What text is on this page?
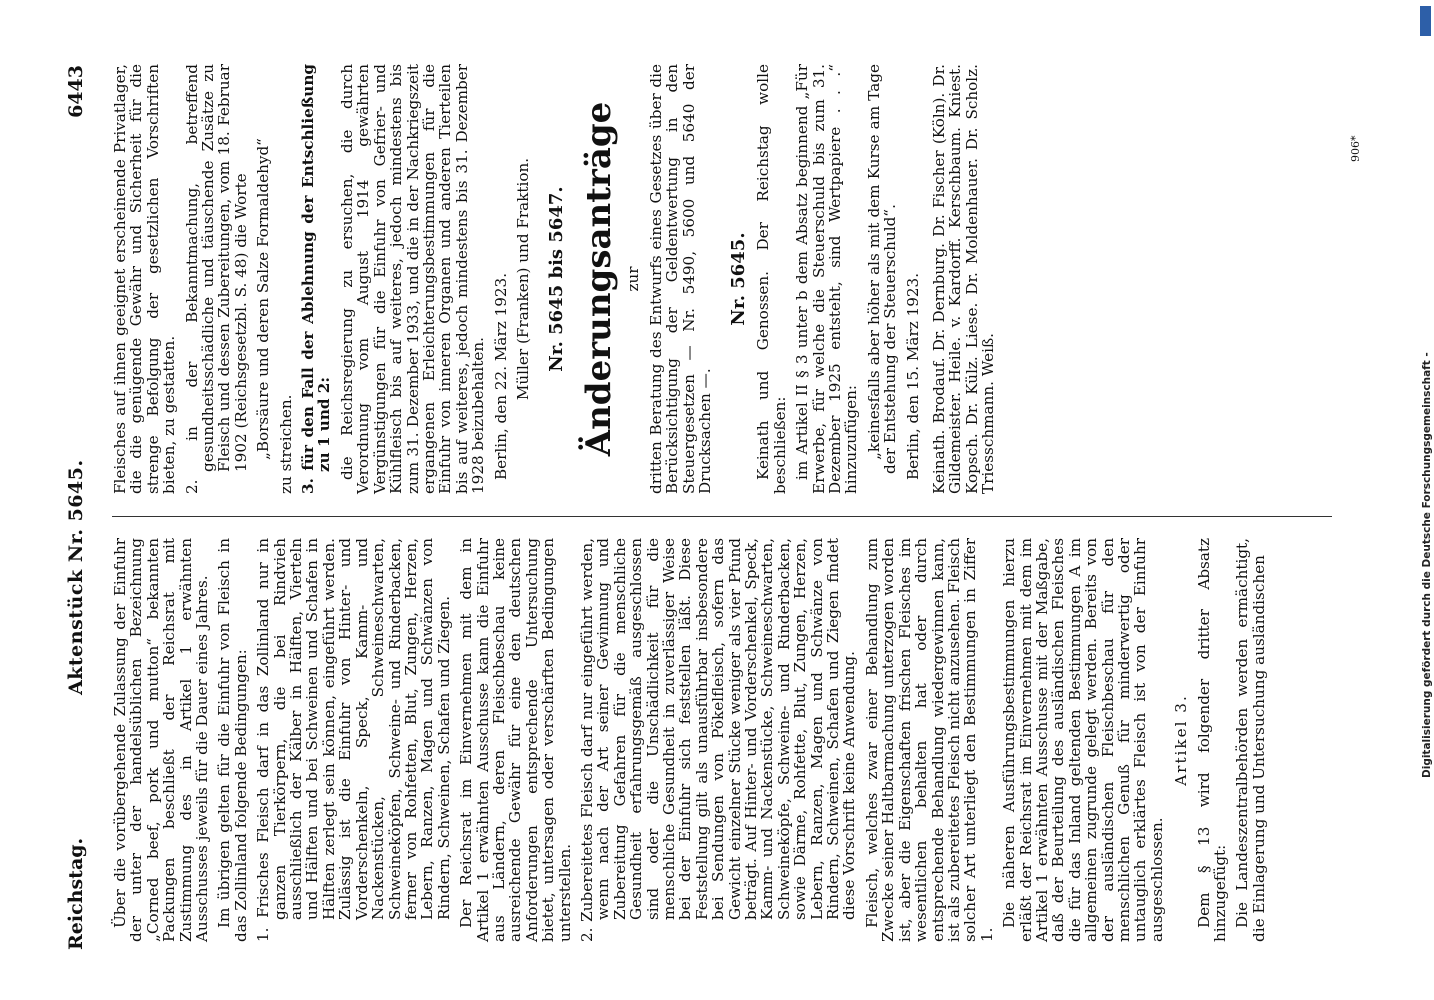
Reichstag.
Aktenstück Nr. 5645.
6443

Über die vorübergehende Zulassung der Einfuhr der unter der handelsüblichen Bezeichnung „Corned beef, pork und mutton“ bekannten Packungen beschließt der Reichsrat mit Zustimmung des in Artikel 1 erwähnten Ausschusses jeweils für die Dauer eines Jahres. Im übrigen gelten für die Einfuhr von Fleisch in das Zollinland folgende Bedingungen: 1. Frisches Fleisch darf in das Zollinland nur in ganzen Tierkörpern, die bei Rindvieh ausschließlich der Kälber in Hälften, Vierteln und Hälften und bei Schweinen und Schafen in Hälften zerlegt sein können, eingeführt werden. Zulässig ist die Einfuhr von Hinter- und Vorderschenkeln, Speck, Kamm- und Nackenstücken, Schweineschwarten, Schweineköpfen, Schweine- und Rinderbacken, ferner von Rohfetten, Blut, Zungen, Herzen, Lebern, Ranzen, Magen und Schwänzen von Rindern, Schweinen, Schafen und Ziegen. Der Reichsrat im Einvernehmen mit dem in Artikel 1 erwähnten Ausschusse kann die Einfuhr aus Ländern, deren Fleischbeschau keine ausreichende Gewähr für eine den deutschen Anforderungen entsprechende Untersuchung bietet, untersagen oder verschärften Bedingungen unterstellen. 2. Zubereitetes Fleisch darf nur eingeführt werden, wenn nach der Art seiner Gewinnung und Zubereitung Gefahren für die menschliche Gesundheit erfahrungsgemäß ausgeschlossen sind oder die Unschädlichkeit für die menschliche Gesundheit in zuverlässiger Weise bei der Einfuhr sich feststellen läßt. Diese Feststellung gilt als unausführbar insbesondere bei Sendungen von Pökelfleisch, sofern das Gewicht einzelner Stücke weniger als vier Pfund beträgt. Auf Hinter- und Vorderschenkel, Speck, Kamm- und Nackenstücke, Schweineschwarten, Schweineköpfe, Schweine- und Rinderbacken, sowie Därme, Rohfette, Blut, Zungen, Herzen, Lebern, Ranzen, Magen und Schwänze von Rindern, Schweinen, Schafen und Ziegen findet diese Vorschrift keine Anwendung. Fleisch, welches zwar einer Behandlung zum Zwecke seiner Haltbarmachung unterzogen worden ist, aber die Eigenschaften frischen Fleisches im wesentlichen behalten hat oder durch entsprechende Behandlung wiedergewinnen kann, ist als zubereitetes Fleisch nicht anzusehen. Fleisch solcher Art unterliegt den Bestimmungen in Ziffer 1.

Die näheren Ausführungsbestimmungen hierzu erläßt der Reichsrat im Einvernehmen mit dem im Artikel 1 erwähnten Ausschusse mit der Maßgabe, daß der Beurteilung des ausländischen Fleisches die für das Inland geltenden Bestimmungen A im allgemeinen zugrunde gelegt werden. Bereits von der ausländischen Fleischbeschau für den menschlichen Genuß für minderwertig oder untauglich erklärtes Fleisch ist von der Einfuhr ausgeschlossen.

Artikel 3. Dem § 13 wird folgender dritter Absatz hinzugefügt: Die Landeszentralbehörden werden ermächtigt, die Einlagerung und Untersuchung ausländischen

Fleisches auf ihnen geeignet erscheinende Privatlager, die die genügende Gewähr und Sicherheit für die strenge Befolgung der gesetzlichen Vorschriften bieten, zu gestatten. 2. in der Bekanntmachung, betreffend gesundheitsschädliche und täuschende Zusätze zu Fleisch und dessen Zubereitungen, vom 18. Februar 1902 (Reichsgesetzbl. S. 48) die Worte „Borsäure und deren Salze Formaldehyd“ zu streichen. 3. für den Fall der Ablehnung der Entschließung zu 1 und 2: die Reichsregierung zu ersuchen, die durch Verordnung vom August 1914 gewährten Vergünstigungen für die Einfuhr von Gefrier- und Kühlfleisch bis auf weiteres, jedoch mindestens bis zum 31. Dezember 1933, und die in der Nachkriegszeit ergangenen Erleichterungsbestimmungen für die Einfuhr von inneren Organen und anderen Tierteilen bis auf weiteres, jedoch mindestens bis 31. Dezember 1928 beizubehalten. Berlin, den 22. März 1923. Müller (Franken) und Fraktion. Nr. 5645 bis 5647. Änderungsanträge zur dritten Beratung des Entwurfs eines Gesetzes über die Berücksichtigung der Geldentwertung in den Steuergesetzen — Nr. 5490, 5600 und 5640 der Drucksachen —.

Nr. 5645. Keinath und Genossen. Der Reichstag wolle beschließen: im Artikel II § 3 unter b dem Absatz beginnend „Für Erwerbe, für welche die Steuerschuld bis zum 31. Dezember 1925 entsteht, sind Wertpapiere . . .“ hinzuzufügen: „keinesfalls aber höher als mit dem Kurse am Tage der Entstehung der Steuerschuld“. Berlin, den 15. März 1923. Keinath. Brodauf. Dr. Dernburg. Dr. Fischer (Köln). Dr. Gildemeister. Heile. v. Kardorff. Kerschbaum. Kniest. Kopsch. Dr. Külz. Liese. Dr. Moldenhauer. Dr. Scholz. Triesschmann. Weiß.

906*
Digitalisierung gefördert durch die Deutsche Forschungsgemeinschaft -
